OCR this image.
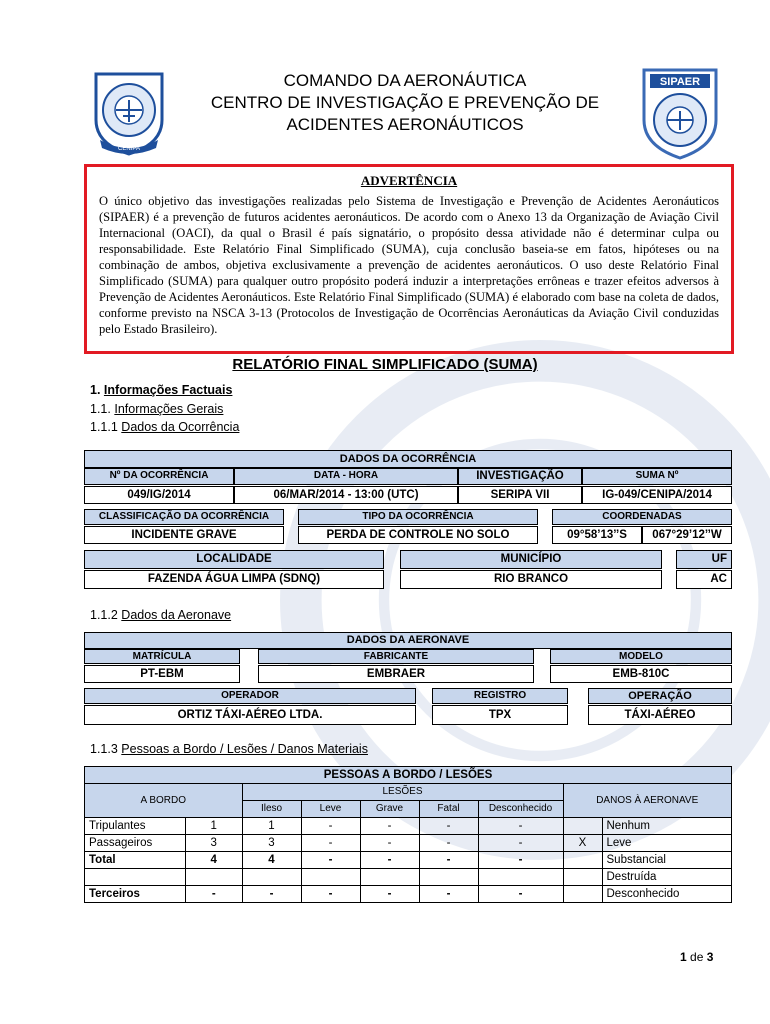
CENIPA
SIPAER
COMANDO DA AERONÁUTICA
CENTRO DE INVESTIGAÇÃO E PREVENÇÃO DE
ACIDENTES AERONÁUTICOS
ADVERTÊNCIA
O único objetivo das investigações realizadas pelo Sistema de Investigação e Prevenção de Acidentes Aeronáuticos (SIPAER) é a prevenção de futuros acidentes aeronáuticos. De acordo com o Anexo 13 da Organização de Aviação Civil Internacional (OACI), da qual o Brasil é país signatário, o propósito dessa atividade não é determinar culpa ou responsabilidade. Este Relatório Final Simplificado (SUMA), cuja conclusão baseia-se em fatos, hipóteses ou na combinação de ambos, objetiva exclusivamente a prevenção de acidentes aeronáuticos. O uso deste Relatório Final Simplificado (SUMA) para qualquer outro propósito poderá induzir a interpretações errôneas e trazer efeitos adversos à Prevenção de Acidentes Aeronáuticos. Este Relatório Final Simplificado (SUMA) é elaborado com base na coleta de dados, conforme previsto na NSCA 3-13 (Protocolos de Investigação de Ocorrências Aeronáuticas da Aviação Civil conduzidas pelo Estado Brasileiro).
RELATÓRIO FINAL SIMPLIFICADO (SUMA)
1. Informações Factuais
1.1. Informações Gerais
1.1.1 Dados da Ocorrência
DADOS DA OCORRÊNCIA
Nº DA OCORRÊNCIA	DATA - HORA	INVESTIGAÇÃO	SUMA Nº
049/IG/2014	06/MAR/2014 - 13:00 (UTC)	SERIPA VII	IG-049/CENIPA/2014
CLASSIFICAÇÃO DA OCORRÊNCIA	TIPO DA OCORRÊNCIA	COORDENADAS
INCIDENTE GRAVE	PERDA DE CONTROLE NO SOLO	09°58’13’’S	067°29’12’’W
LOCALIDADE	MUNICÍPIO	UF
FAZENDA ÁGUA LIMPA (SDNQ)	RIO BRANCO	AC
1.1.2 Dados da Aeronave
DADOS DA AERONAVE
MATRÍCULA	FABRICANTE	MODELO
PT-EBM	EMBRAER	EMB-810C
OPERADOR	REGISTRO	OPERAÇÃO
ORTIZ TÁXI-AÉREO LTDA.	TPX	TÁXI-AÉREO
1.1.3 Pessoas a Bordo / Lesões / Danos Materiais
PESSOAS A BORDO / LESÕES								
A BORDO		LESÕES					DANOS À AERONAVE	
		Ileso	Leve	Grave	Fatal	Desconhecido		
Tripulantes	1	1	-	-	-	-		Nenhum
Passageiros	3	3	-	-	-	-	X	Leve
Total	4	4	-	-	-	-		Substancial
								Destruída
Terceiros	-	-	-	-	-	-		Desconhecido
1 de 3
